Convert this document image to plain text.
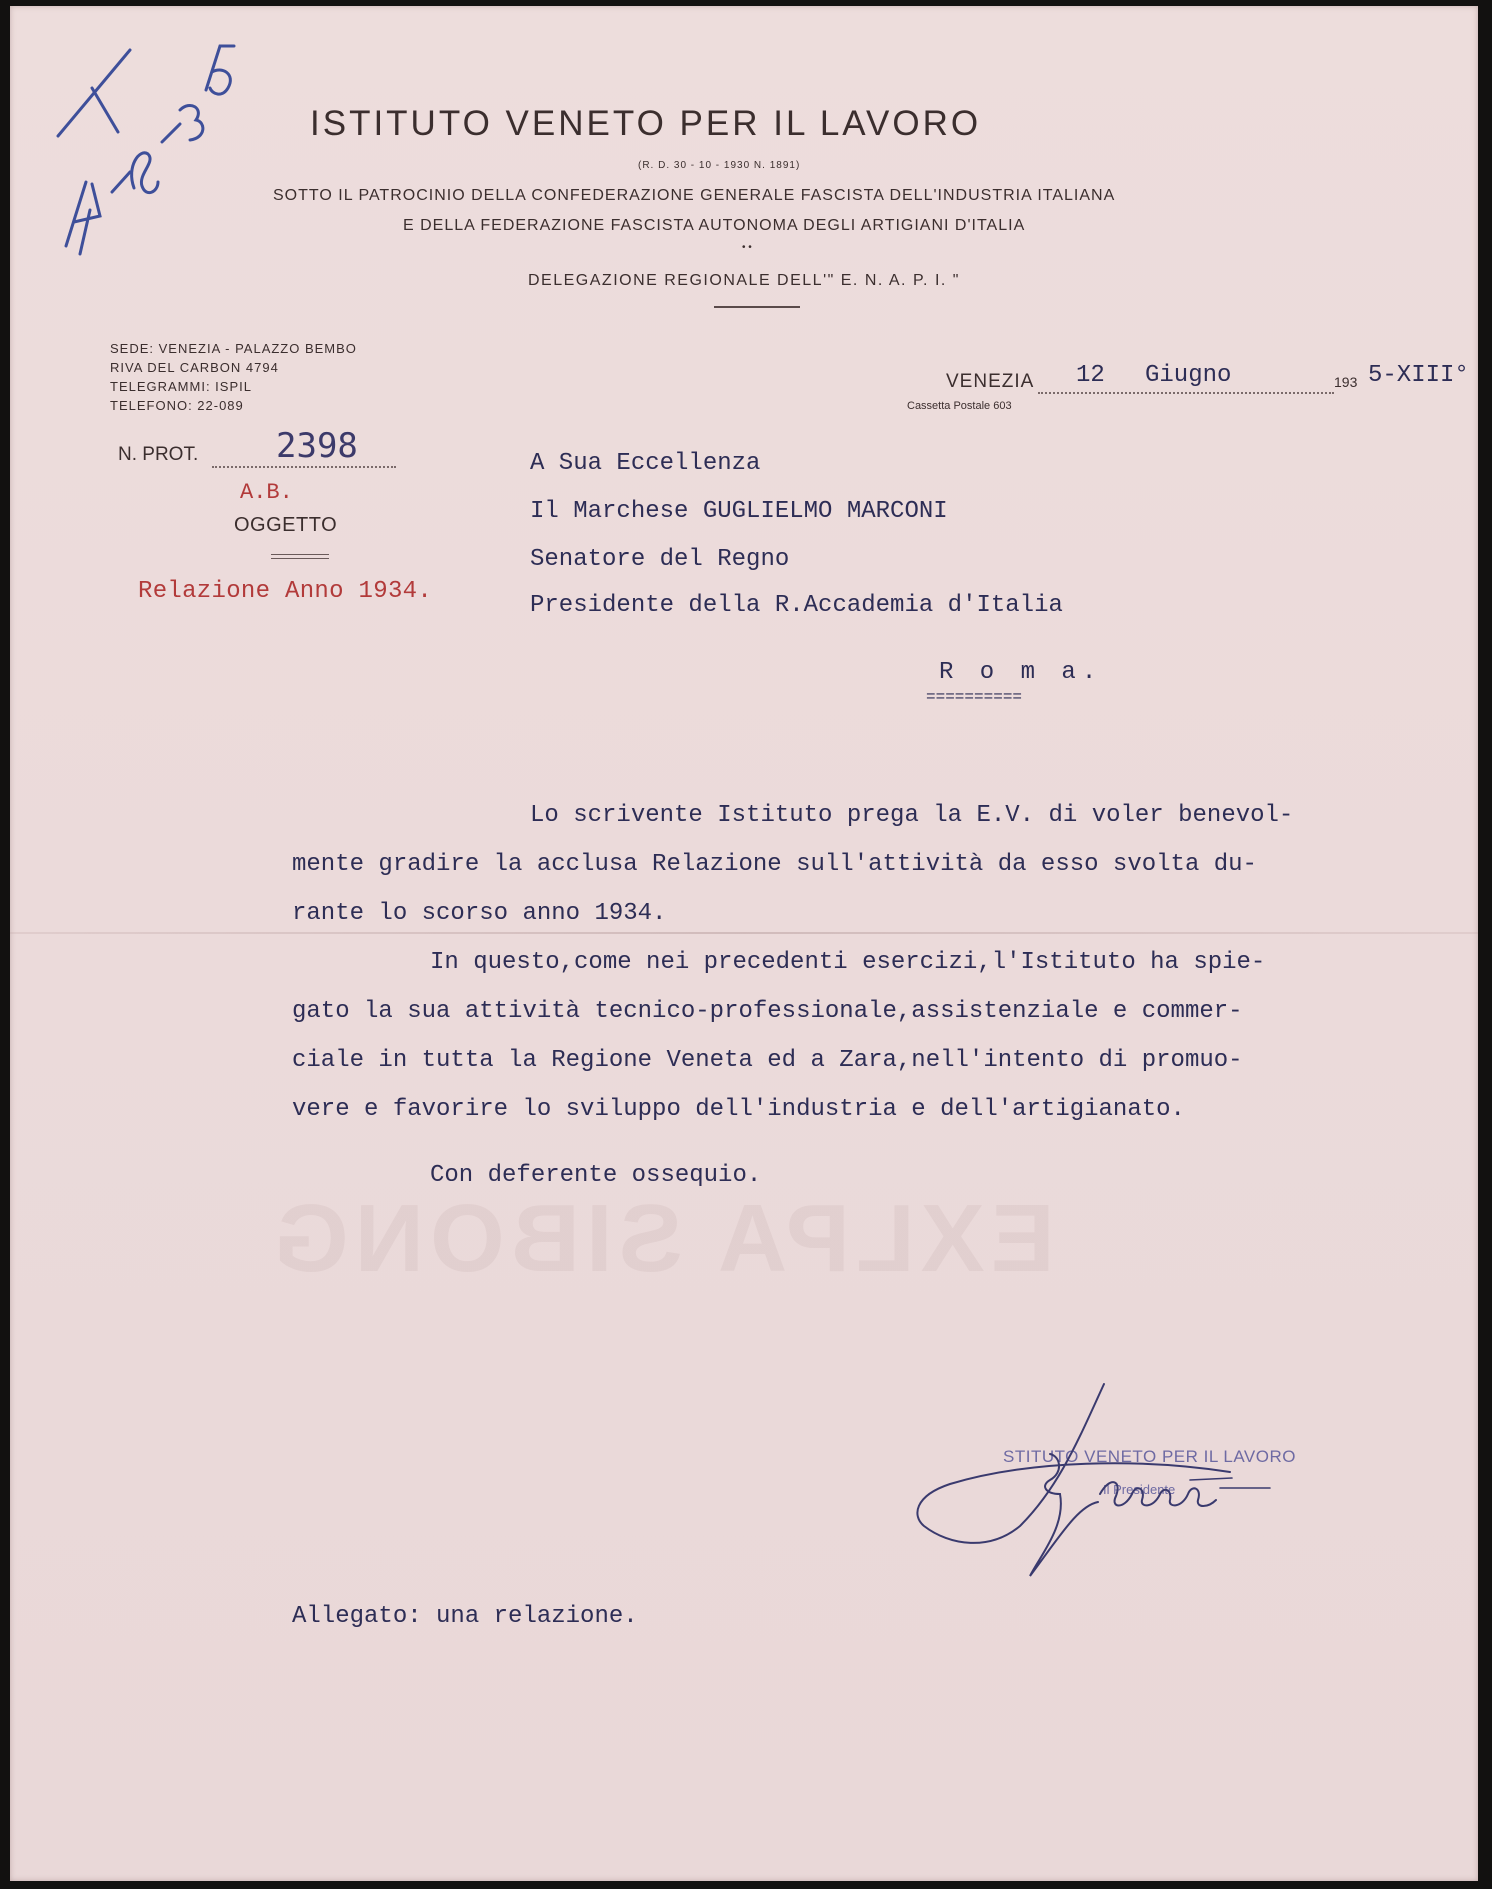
ISTITUTO VENETO PER IL LAVORO
(R. D. 30 - 10 - 1930 N. 1891)
SOTTO IL PATROCINIO DELLA CONFEDERAZIONE GENERALE FASCISTA DELL'INDUSTRIA ITALIANA
E DELLA FEDERAZIONE FASCISTA AUTONOMA DEGLI ARTIGIANI D'ITALIA
• •
DELEGAZIONE REGIONALE DELL'" E. N. A. P. I. "
SEDE: VENEZIA - PALAZZO BEMBO
RIVA DEL CARBON 4794
TELEGRAMMI: ISPIL
TELEFONO: 22-089
VENEZIA 12 Giugno	193 5-XIII°
Cassetta Postale 603
N. PROT. 2398
A.B.
OGGETTO
Relazione Anno 1934.
A Sua Eccellenza
Il Marchese GUGLIELMO MARCONI
Senatore del Regno
Presidente della R.Accademia d'Italia
R o m a.
==========
Lo scrivente Istituto prega la E.V. di voler benevol-
mente gradire la acclusa Relazione sull'attività da esso svolta du-
rante lo scorso anno 1934.
In questo,come nei precedenti esercizi,l'Istituto ha spie-
gato la sua attività tecnico-professionale,assistenziale e commer-
ciale in tutta la Regione Veneta ed a Zara,nell'intento di promuo-
vere e favorire lo sviluppo dell'industria e dell'artigianato.
Con deferente ossequio.
EXLPA SIBONG
STITUTO VENETO PER IL LAVORO
Il Presidente
Allegato: una relazione.
